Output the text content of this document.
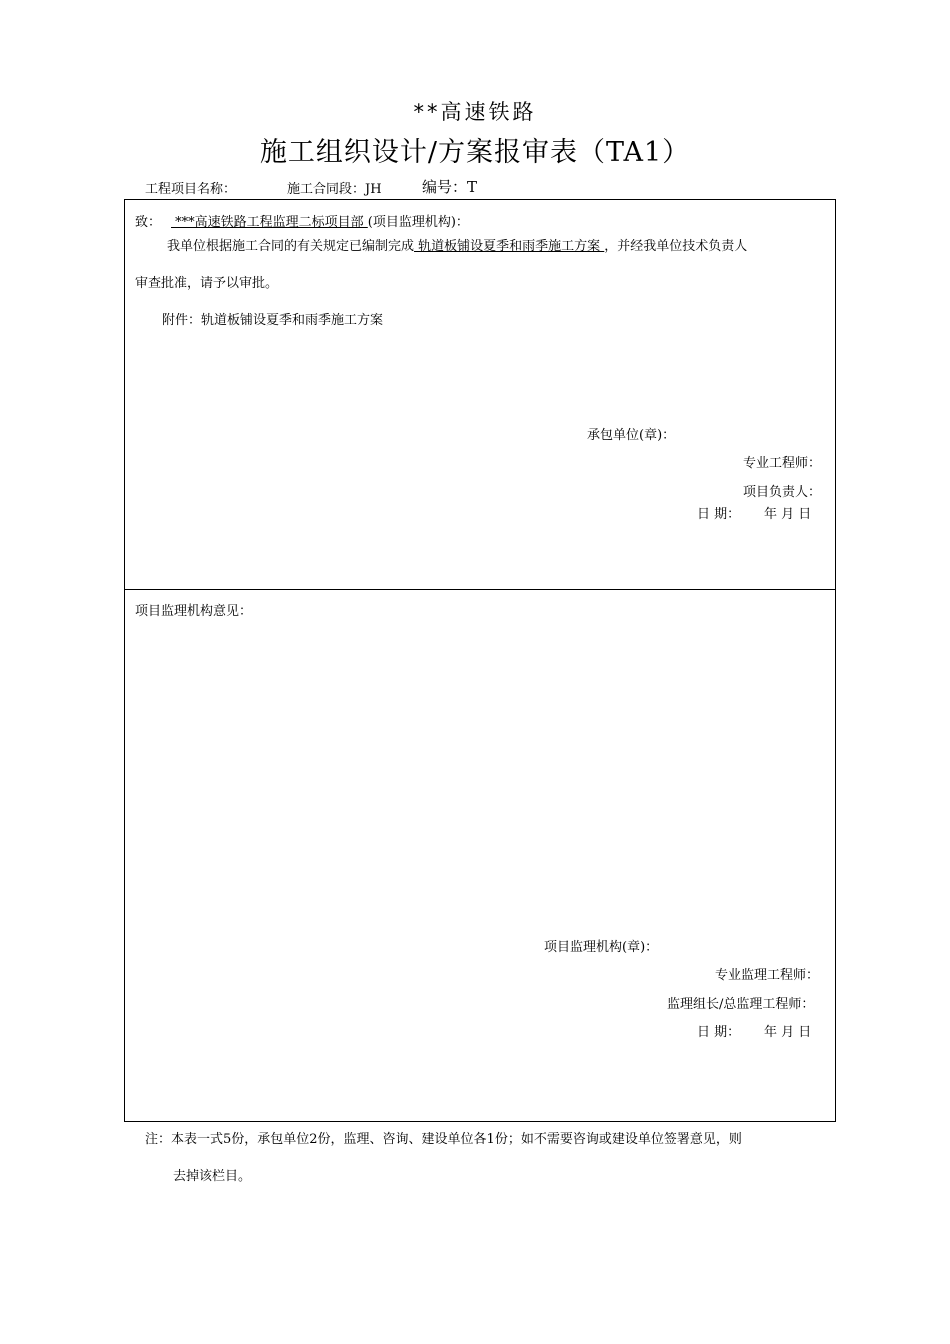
**高速铁路
施工组织设计/方案报审表（TA1）
工程项目名称：	施工合同段：JH	编号：T
致： ***高速铁路工程监理二标项目部 (项目监理机构)：
我单位根据施工合同的有关规定已编制完成 轨道板铺设夏季和雨季施工方案 ，并经我单位技术负责人
审查批准，请予以审批。
附件：轨道板铺设夏季和雨季施工方案
承包单位(章)：
专业工程师：
项目负责人：
日 期： 年 月 日
项目监理机构意见：
项目监理机构(章)：
专业监理工程师：
监理组长/总监理工程师：
日 期： 年 月 日
注：本表一式5份，承包单位2份，监理、咨询、建设单位各1份；如不需要咨询或建设单位签署意见，则
去掉该栏目。
